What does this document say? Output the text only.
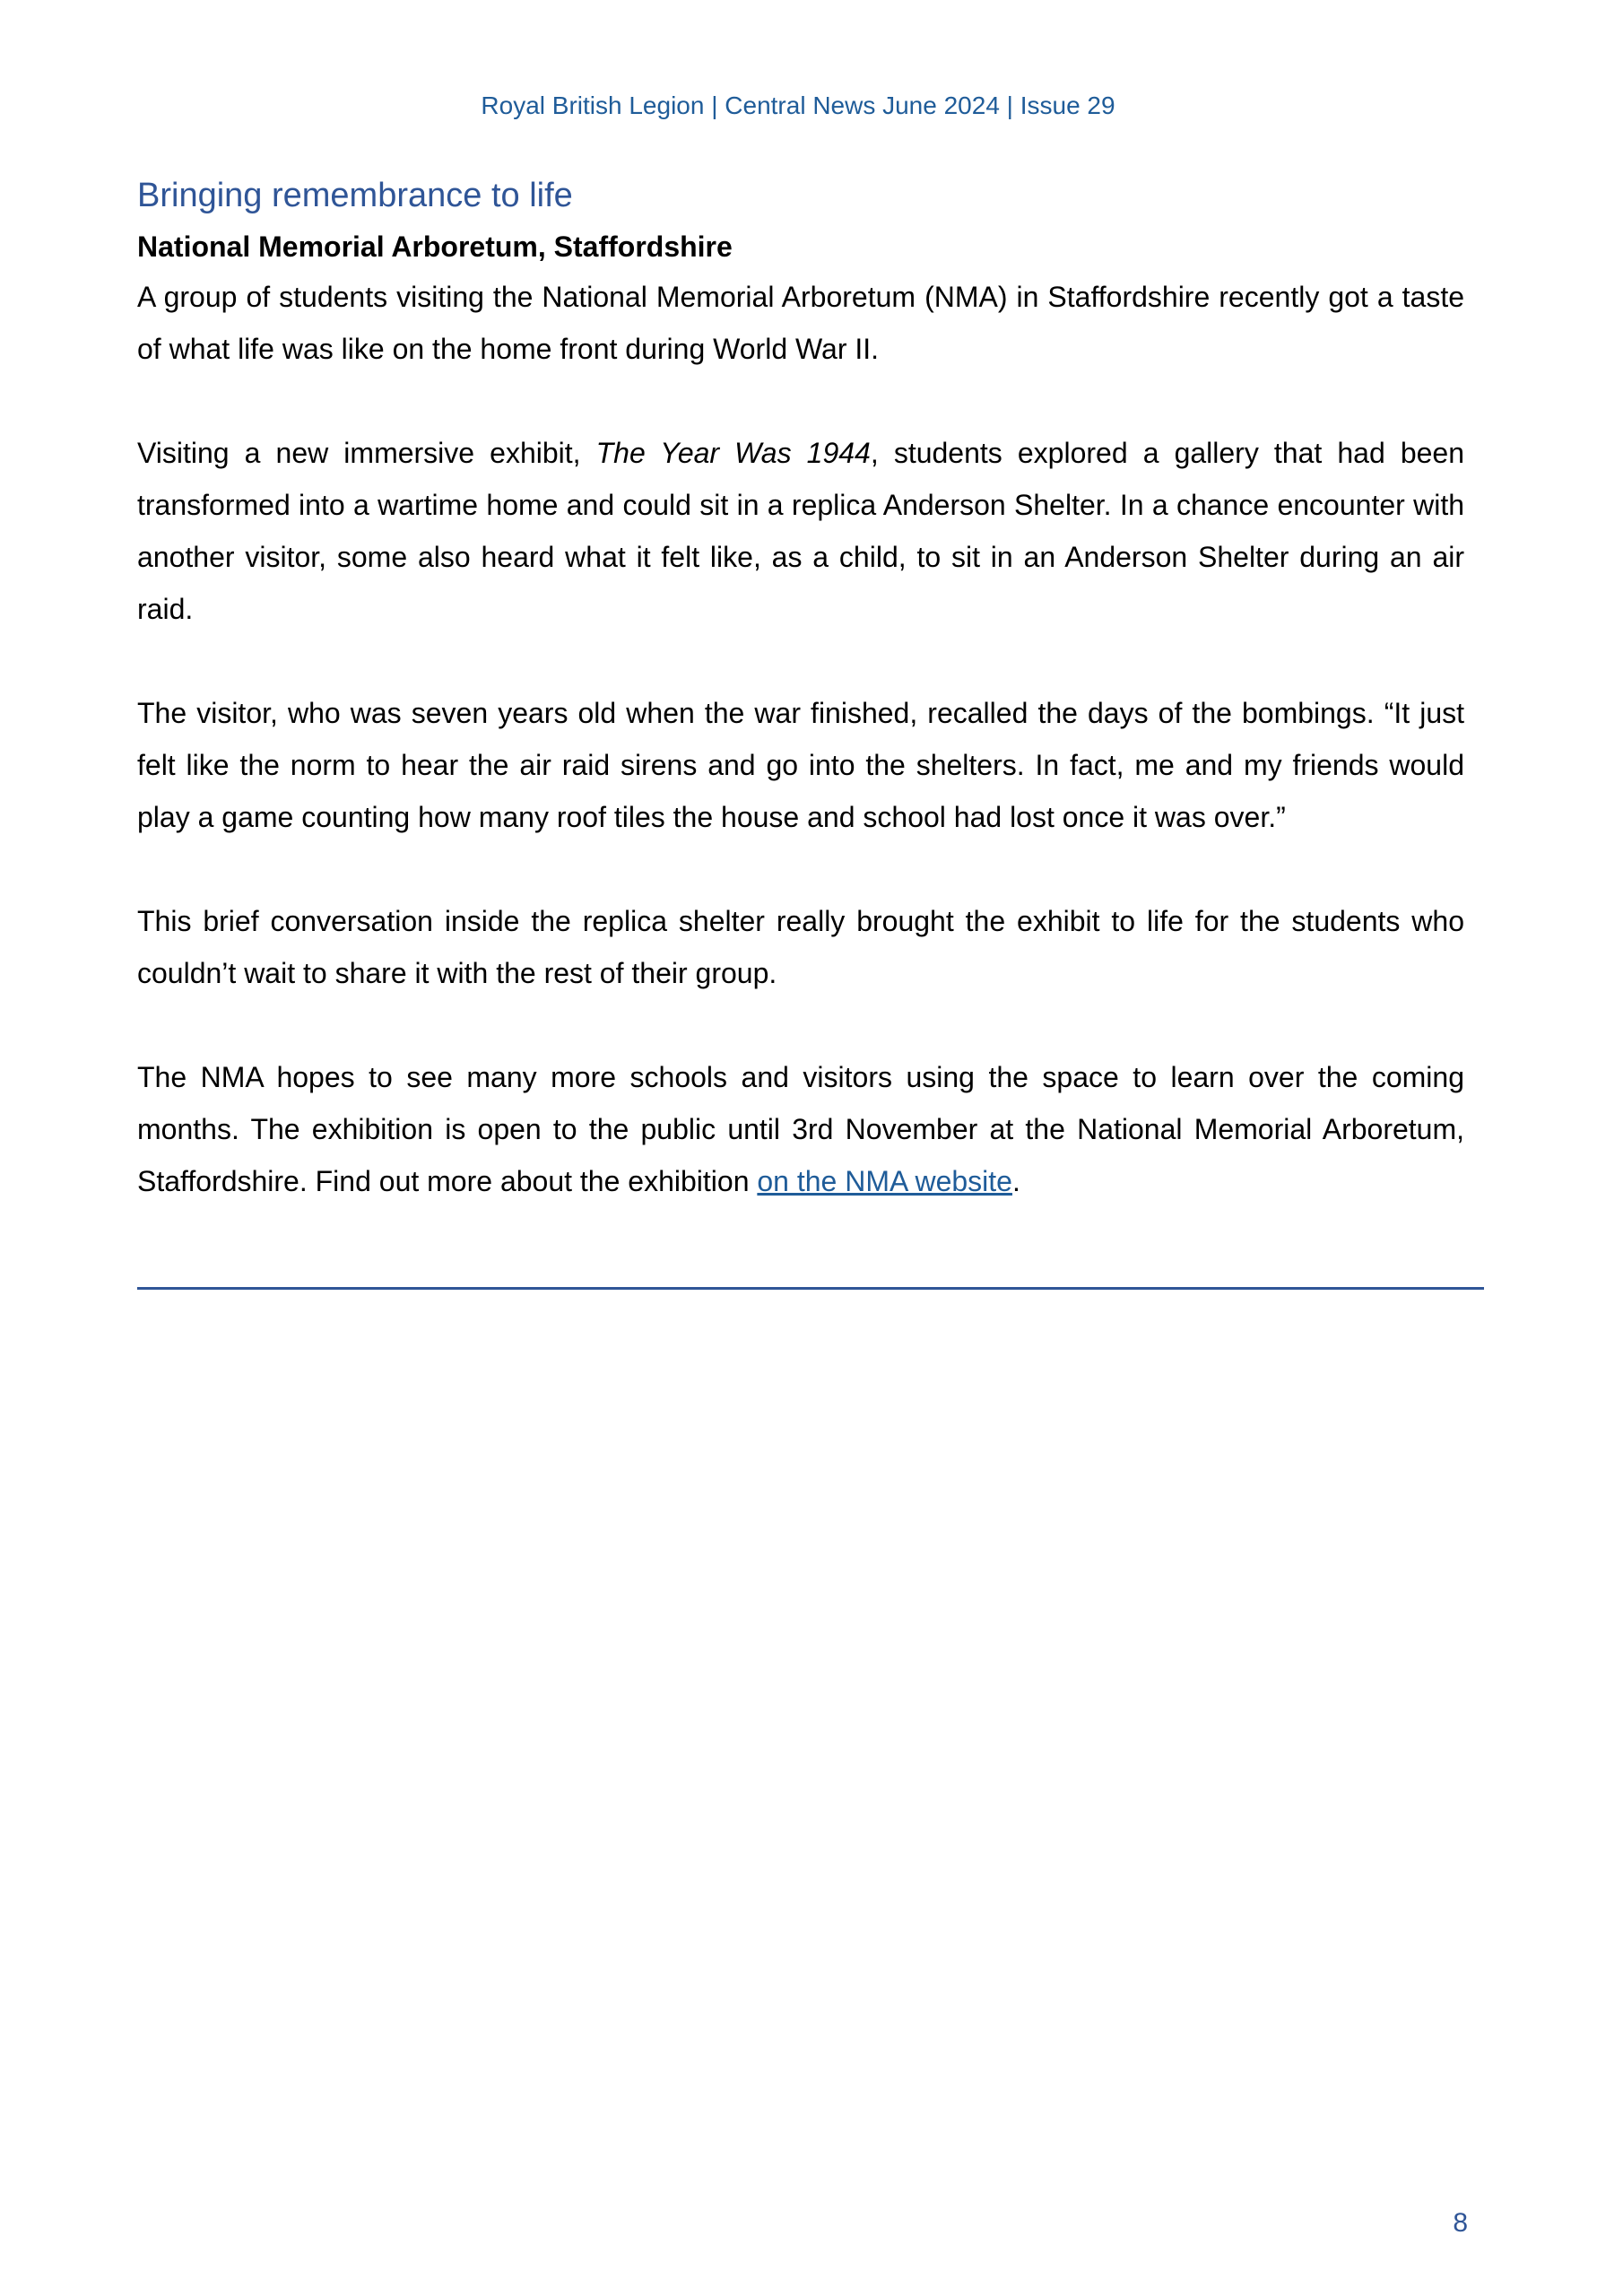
Royal British Legion | Central News June 2024 | Issue 29
Bringing remembrance to life
National Memorial Arboretum, Staffordshire

A group of students visiting the National Memorial Arboretum (NMA) in Staffordshire recently got a taste of what life was like on the home front during World War II.

Visiting a new immersive exhibit, The Year Was 1944, students explored a gallery that had been transformed into a wartime home and could sit in a replica Anderson Shelter. In a chance encounter with another visitor, some also heard what it felt like, as a child, to sit in an Anderson Shelter during an air raid.

The visitor, who was seven years old when the war finished, recalled the days of the bombings. “It just felt like the norm to hear the air raid sirens and go into the shelters. In fact, me and my friends would play a game counting how many roof tiles the house and school had lost once it was over.”

This brief conversation inside the replica shelter really brought the exhibit to life for the students who couldn’t wait to share it with the rest of their group.

The NMA hopes to see many more schools and visitors using the space to learn over the coming months. The exhibition is open to the public until 3rd November at the National Memorial Arboretum, Staffordshire. Find out more about the exhibition on the NMA website.

8
